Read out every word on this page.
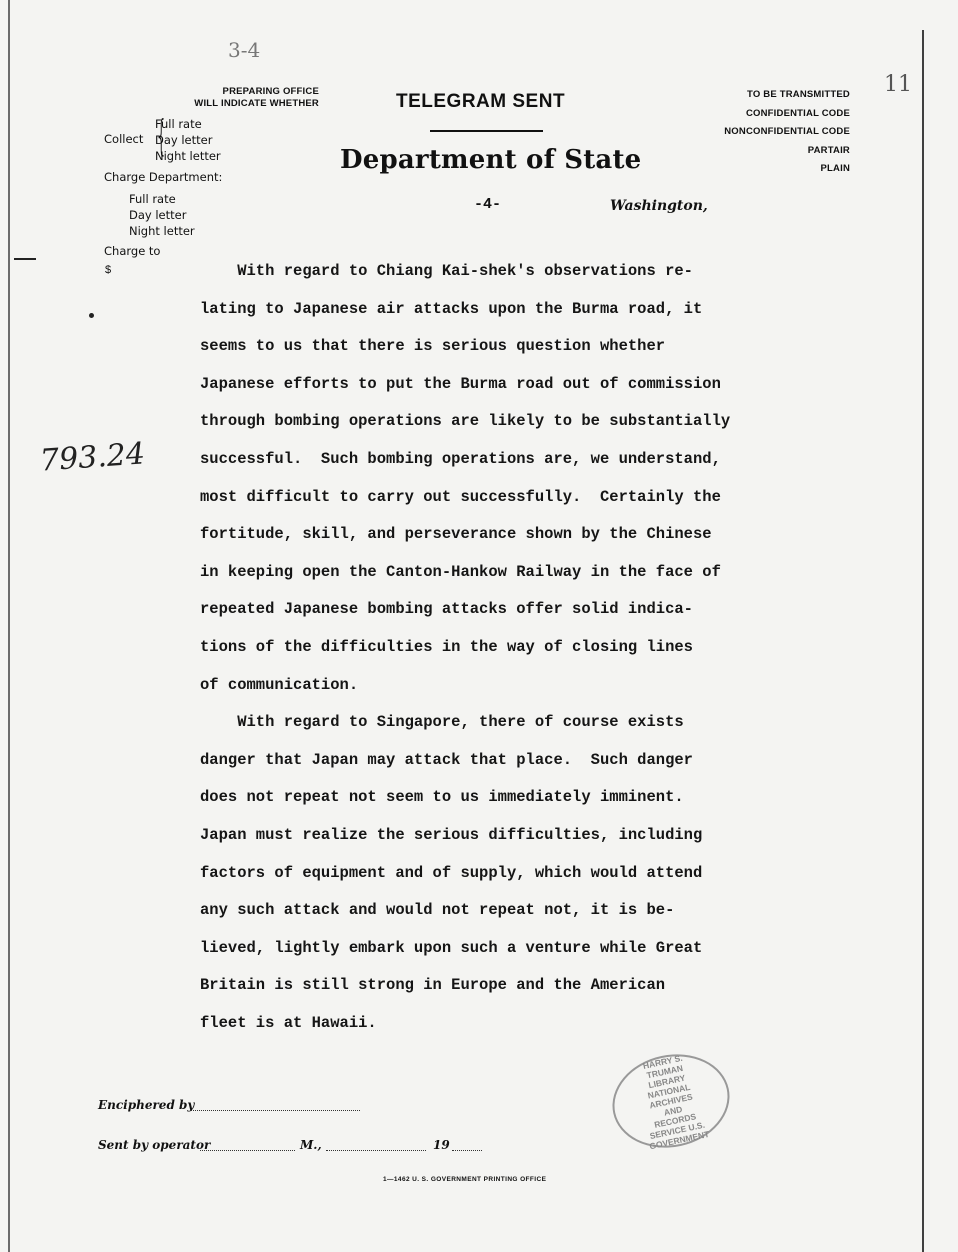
3-4
11
PREPARING OFFICE
WILL INDICATE WHETHER
Collect {
Full rate
Day letter
Night letter
Charge Department:
Full rate
Day letter
Night letter
Charge to
$
TELEGRAM SENT
Department of State
TO BE TRANSMITTED
CONFIDENTIAL CODE
NONCONFIDENTIAL CODE
PARTAIR
PLAIN
-4-	Washington,
793.24

With regard to Chiang Kai-shek's observations re-

lating to Japanese air attacks upon the Burma road, it

seems to us that there is serious question whether

Japanese efforts to put the Burma road out of commission

through bombing operations are likely to be substantially

successful.  Such bombing operations are, we understand,

most difficult to carry out successfully.  Certainly the

fortitude, skill, and perseverance shown by the Chinese

in keeping open the Canton-Hankow Railway in the face of

repeated Japanese bombing attacks offer solid indica-

tions of the difficulties in the way of closing lines

of communication.

With regard to Singapore, there of course exists

danger that Japan may attack that place.  Such danger

does not repeat not seem to us immediately imminent.

Japan must realize the serious difficulties, including

factors of equipment and of supply, which would attend

any such attack and would not repeat not, it is be-

lieved, lightly embark upon such a venture while Great

Britain is still strong in Europe and the American

fleet is at Hawaii.

Enciphered by
Sent by operator	M.,	19
HARRY S. TRUMAN LIBRARY NATIONAL ARCHIVES AND RECORDS SERVICE U.S. GOVERNMENT
1—1462 U. S. GOVERNMENT PRINTING OFFICE
